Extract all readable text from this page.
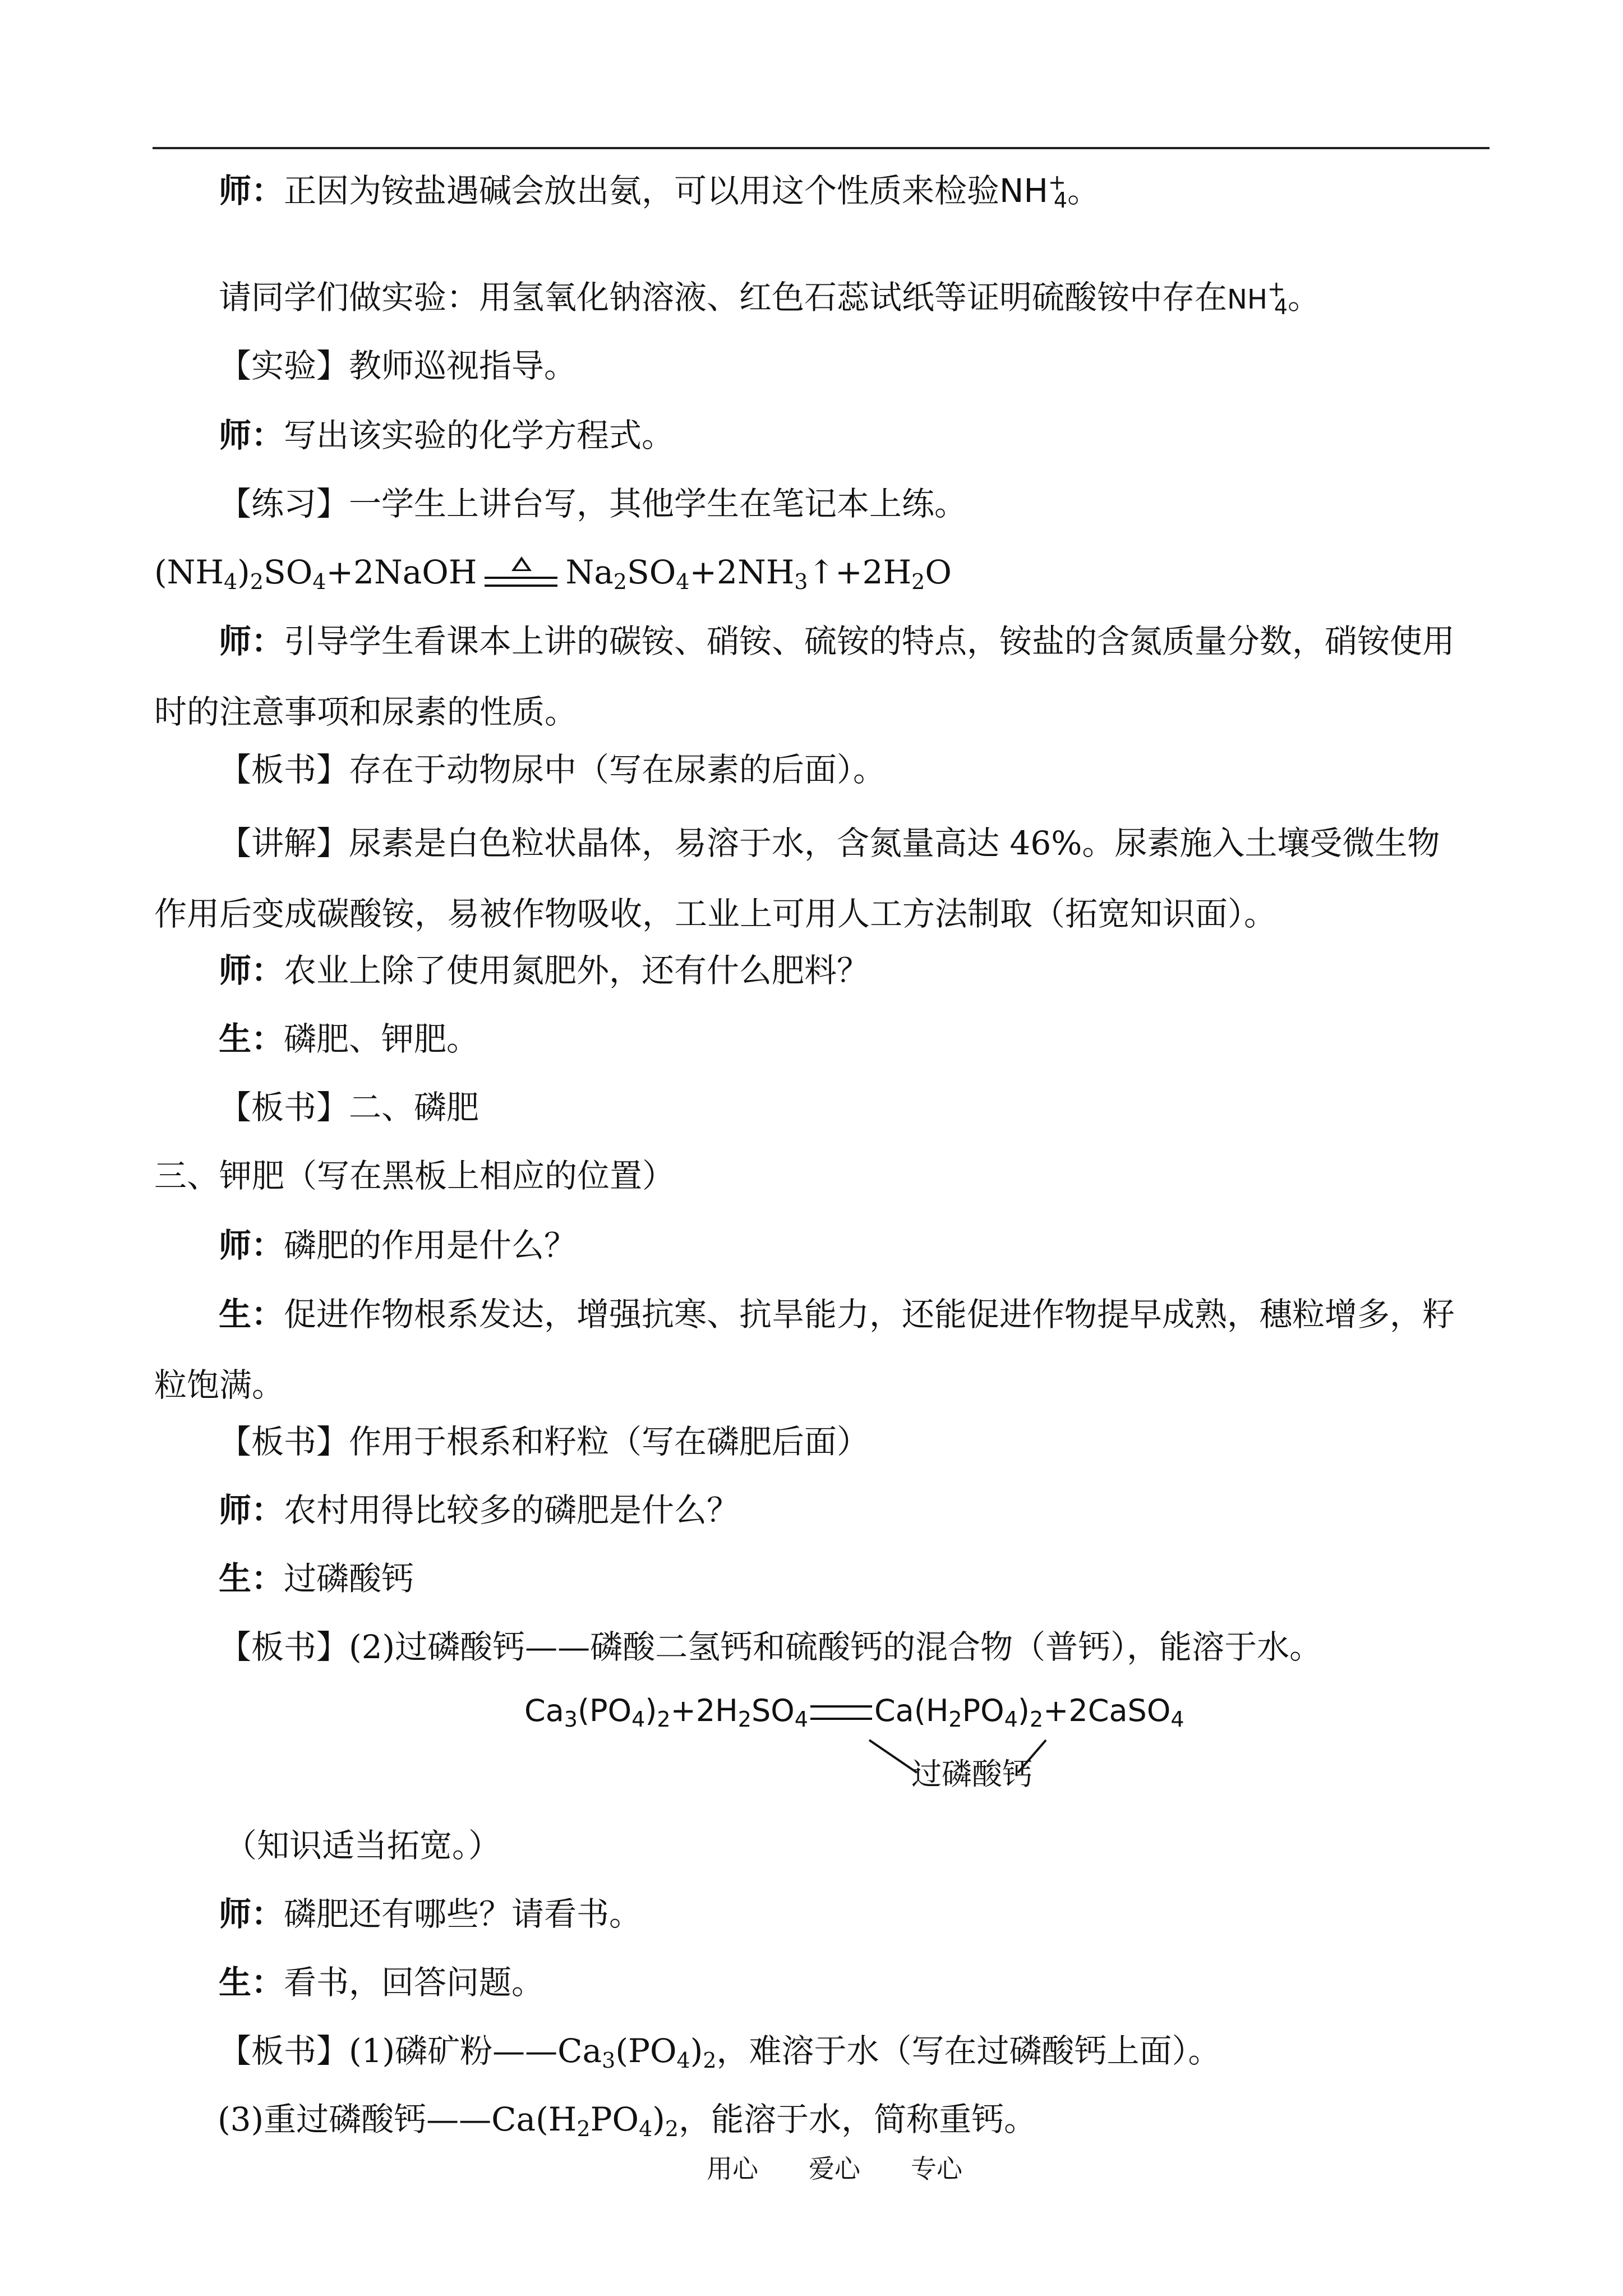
师：正因为铵盐遇碱会放出氨，可以用这个性质来检验$NH^+_4$。
请同学们做实验：用氢氧化钠溶液、红色石蕊试纸等证明硫酸铵中存在$NH^+_4$。
【实验】教师巡视指导。
师：写出该实验的化学方程式。
【练习】一学生上讲台写，其他学生在笔记本上练。
$(NH_4)_2SO_4+2NaOH$	$Na_2SO_4+2NH_3↑+2H_2O$
师：引导学生看课本上讲的碳铵、硝铵、硫铵的特点，铵盐的含氮质量分数，硝铵使用时的注意事项和尿素的性质。
【板书】存在于动物尿中（写在尿素的后面）。
【讲解】尿素是白色粒状晶体，易溶于水，含氮量高达 46%。尿素施入土壤受微生物作用后变成碳酸铵，易被作物吸收，工业上可用人工方法制取（拓宽知识面）。
师：农业上除了使用氮肥外，还有什么肥料？
生：磷肥、钾肥。
【板书】二、磷肥
三、钾肥（写在黑板上相应的位置）
师：磷肥的作用是什么？
生：促进作物根系发达，增强抗寒、抗旱能力，还能促进作物提早成熟，穗粒增多，籽粒饱满。
【板书】作用于根系和籽粒（写在磷肥后面）
师：农村用得比较多的磷肥是什么？
生：过磷酸钙
【板书】(2)过磷酸钙——磷酸二氢钙和硫酸钙的混合物（普钙），能溶于水。
$Ca_3(PO_4)_2+2H_2SO_4$ $Ca(H_2PO_4)_2+2CaSO_4$
过磷酸钙
（知识适当拓宽。）
师：磷肥还有哪些？请看书。
生：看书，回答问题。
【板书】(1)磷矿粉$——Ca_3(PO_4)_2$，难溶于水（写在过磷酸钙上面）。
(3)重过磷酸钙$——Ca(H_2PO_4)_2$，能溶于水，简称重钙。
用心 爱心 专心
